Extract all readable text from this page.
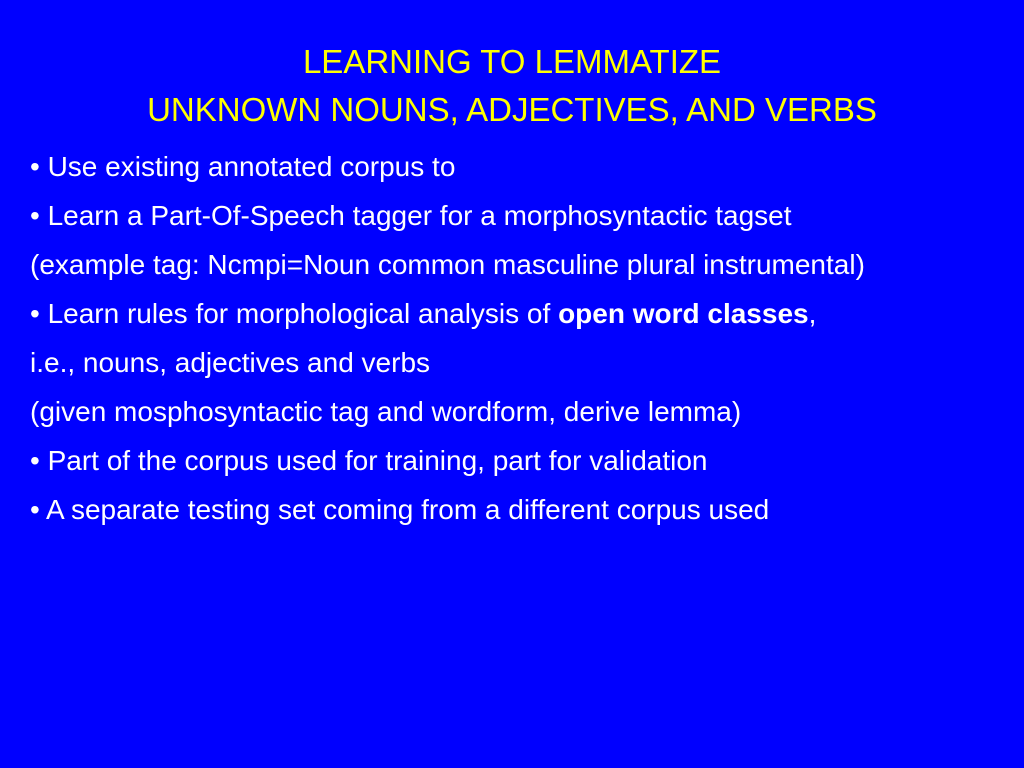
LEARNING TO LEMMATIZE
UNKNOWN NOUNS, ADJECTIVES, AND VERBS
• Use existing annotated corpus to
• Learn a Part-Of-Speech tagger for a morphosyntactic tagset
(example tag: Ncmpi=Noun common masculine plural instrumental)
• Learn rules for morphological analysis of open word classes,
i.e., nouns, adjectives and verbs
(given mosphosyntactic tag and wordform, derive lemma)
• Part of the corpus used for training, part for validation
• A separate testing set coming from a different corpus used
